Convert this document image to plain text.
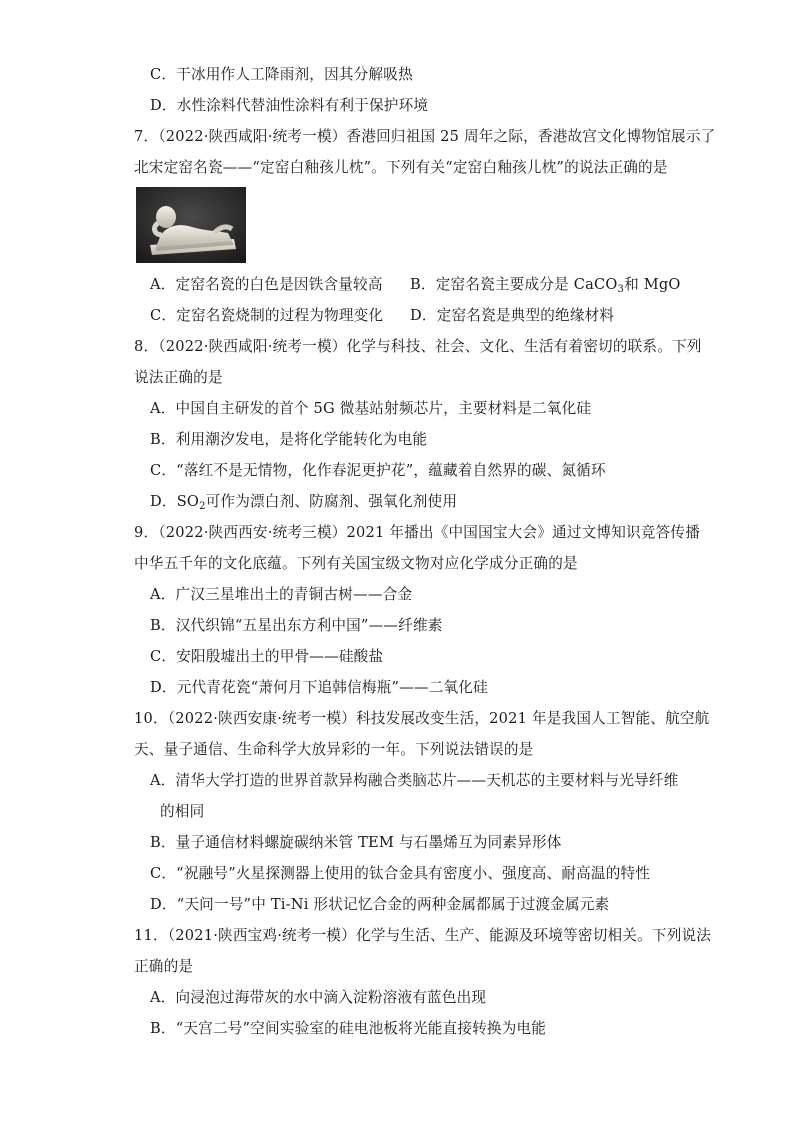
C．干冰用作人工降雨剂，因其分解吸热
D．水性涂料代替油性涂料有利于保护环境
7．（2022·陕西咸阳·统考一模）香港回归祖国 25 周年之际，香港故宫文化博物馆展示了
北宋定窑名瓷——“定窑白釉孩儿枕”。下列有关“定窑白釉孩儿枕”的说法正确的是
A．定窑名瓷的白色是因铁含量较高 B．定窑名瓷主要成分是 CaCO$_3$和 MgO
C．定窑名瓷烧制的过程为物理变化 D．定窑名瓷是典型的绝缘材料
8．（2022·陕西咸阳·统考一模）化学与科技、社会、文化、生活有着密切的联系。下列
说法正确的是
A．中国自主研发的首个 5G 微基站射频芯片，主要材料是二氧化硅
B．利用潮汐发电，是将化学能转化为电能
C．“落红不是无情物，化作春泥更护花”，蕴藏着自然界的碳、氮循环
D．$SO_2$可作为漂白剂、防腐剂、强氧化剂使用
9．（2022·陕西西安·统考三模）2021 年播出《中国国宝大会》通过文博知识竞答传播
中华五千年的文化底蕴。下列有关国宝级文物对应化学成分正确的是
A．广汉三星堆出土的青铜古树——合金
B．汉代织锦“五星出东方利中国”——纤维素
C．安阳殷墟出土的甲骨——硅酸盐
D．元代青花瓷“萧何月下追韩信梅瓶”——二氧化硅
10．（2022·陕西安康·统考一模）科技发展改变生活，2021 年是我国人工智能、航空航
天、量子通信、生命科学大放异彩的一年。下列说法错误的是
A．清华大学打造的世界首款异构融合类脑芯片——天机芯的主要材料与光导纤维
的相同
B．量子通信材料螺旋碳纳米管 TEM 与石墨烯互为同素异形体
C．“祝融号”火星探测器上使用的钛合金具有密度小、强度高、耐高温的特性
D．“天问一号”中 Ti-Ni 形状记忆合金的两种金属都属于过渡金属元素
11．（2021·陕西宝鸡·统考一模）化学与生活、生产、能源及环境等密切相关。下列说法
正确的是
A．向浸泡过海带灰的水中滴入淀粉溶液有蓝色出现
B．“天宫二号”空间实验室的硅电池板将光能直接转换为电能
